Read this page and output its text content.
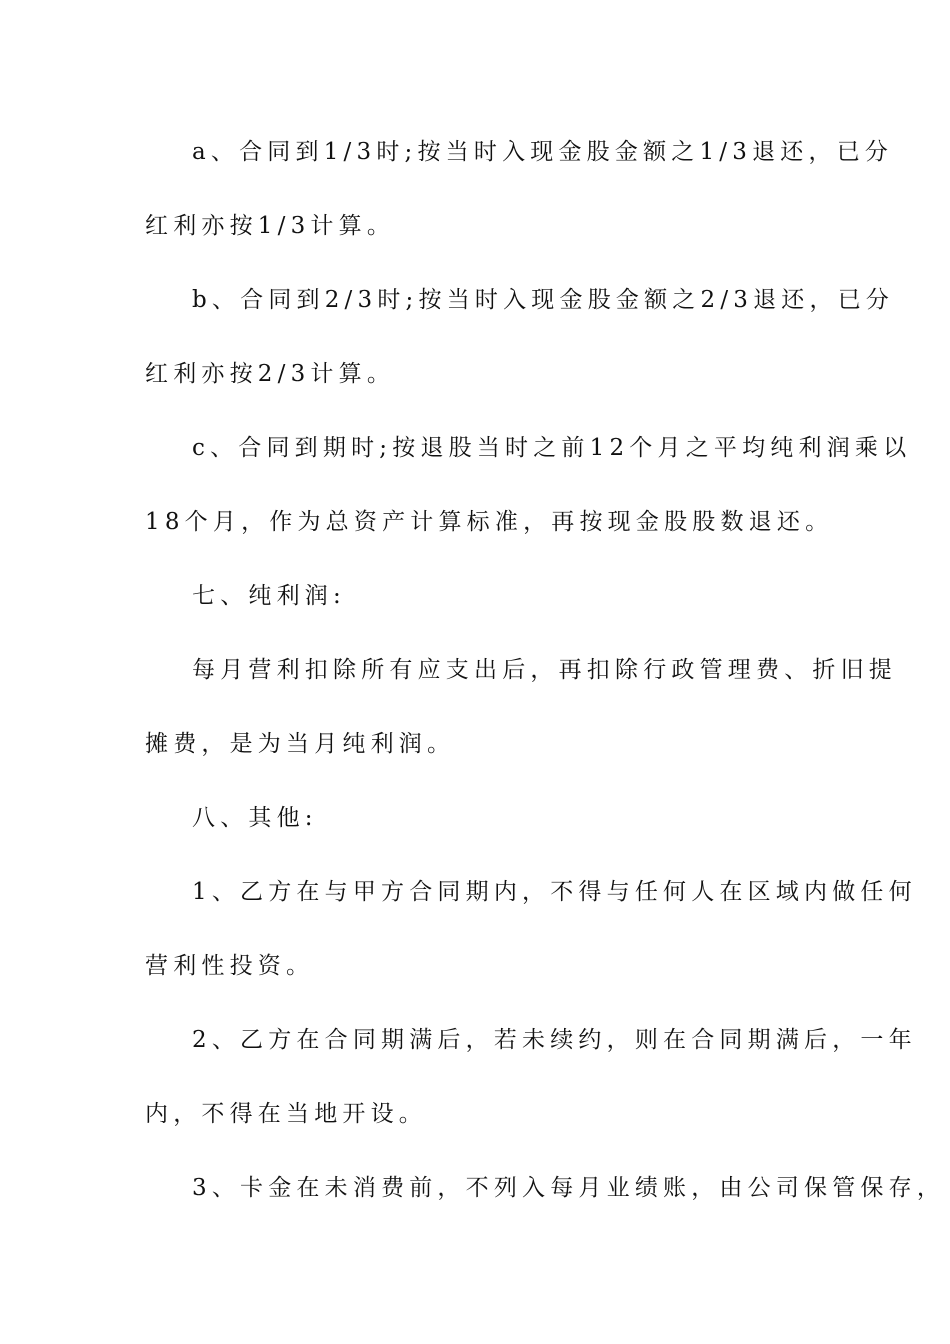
a、合同到1/3时;按当时入现金股金额之1/3退还，已分
红利亦按1/3计算。
b、合同到2/3时;按当时入现金股金额之2/3退还，已分
红利亦按2/3计算。
c、合同到期时;按退股当时之前12个月之平均纯利润乘以
18个月，作为总资产计算标准，再按现金股股数退还。
七、纯利润:
每月营利扣除所有应支出后，再扣除行政管理费、折旧提
摊费，是为当月纯利润。
八、其他:
1、乙方在与甲方合同期内，不得与任何人在区域内做任何
营利性投资。
2、乙方在合同期满后，若未续约，则在合同期满后，一年
内，不得在当地开设。
3、卡金在未消费前，不列入每月业绩账，由公司保管保存，
